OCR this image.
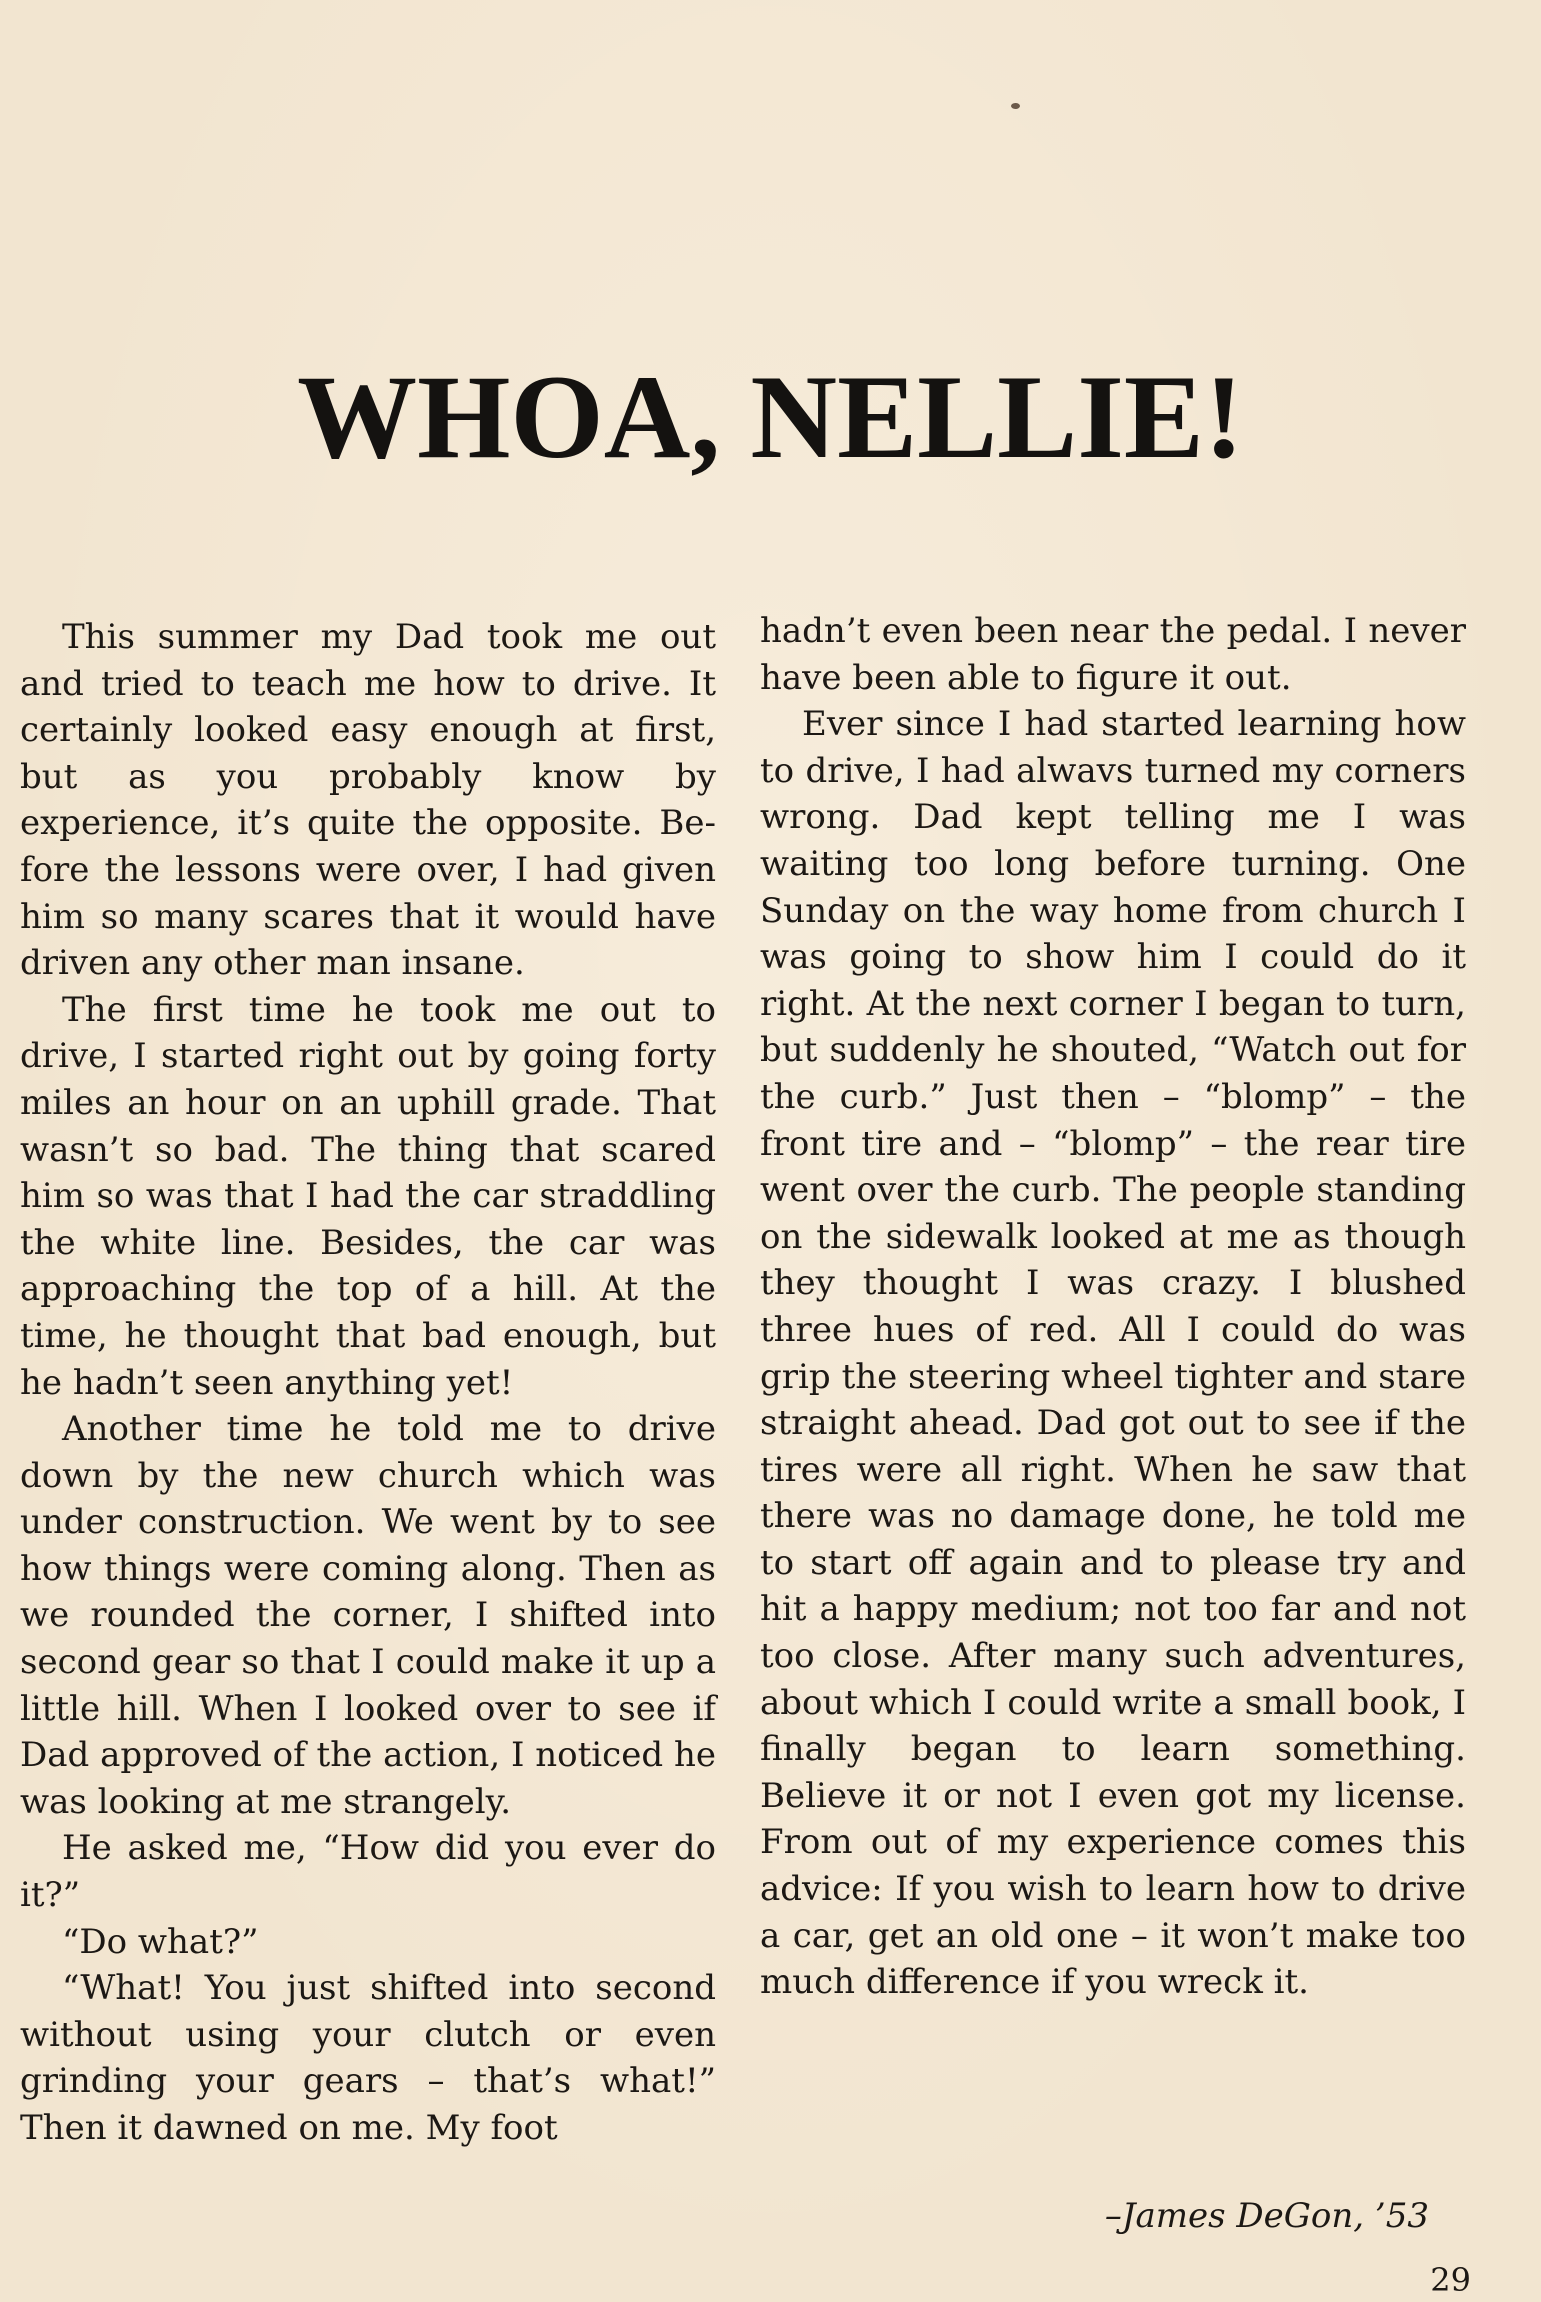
WHOA, NELLIE!

This summer my Dad took me out and tried to teach me how to drive. It certainly looked easy enough at first, but as you probably know by experience, it’s quite the opposite. Before the lessons were over, I had given him so many scares that it would have driven any other man insane.

The first time he took me out to drive, I started right out by going forty miles an hour on an uphill grade. That wasn’t so bad. The thing that scared him so was that I had the car straddling the white line. Besides, the car was approaching the top of a hill. At the time, he thought that bad enough, but he hadn’t seen anything yet!

Another time he told me to drive down by the new church which was under construction. We went by to see how things were coming along. Then as we rounded the corner, I shifted into second gear so that I could make it up a little hill. When I looked over to see if Dad approved of the action, I noticed he was looking at me strangely.

He asked me, “How did you ever do it?”

“Do what?”

“What! You just shifted into second without using your clutch or even grinding your gears – that’s what!” Then it dawned on me. My foot

hadn’t even been near the pedal. I never have been able to figure it out.

Ever since I had started learning how to drive, I had alwavs turned my corners wrong. Dad kept telling me I was waiting too long before turning. One Sunday on the way home from church I was going to show him I could do it right. At the next corner I began to turn, but suddenly he shouted, “Watch out for the curb.” Just then – “blomp” – the front tire and – “blomp” – the rear tire went over the curb. The people standing on the sidewalk looked at me as though they thought I was crazy. I blushed three hues of red. All I could do was grip the steering wheel tighter and stare straight ahead. Dad got out to see if the tires were all right. When he saw that there was no damage done, he told me to start off again and to please try and hit a happy medium; not too far and not too close. After many such adventures, about which I could write a small book, I finally began to learn something. Believe it or not I even got my license. From out of my experience comes this advice: If you wish to learn how to drive a car, get an old one – it won’t make too much difference if you wreck it.

–James DeGon, ’53
29
